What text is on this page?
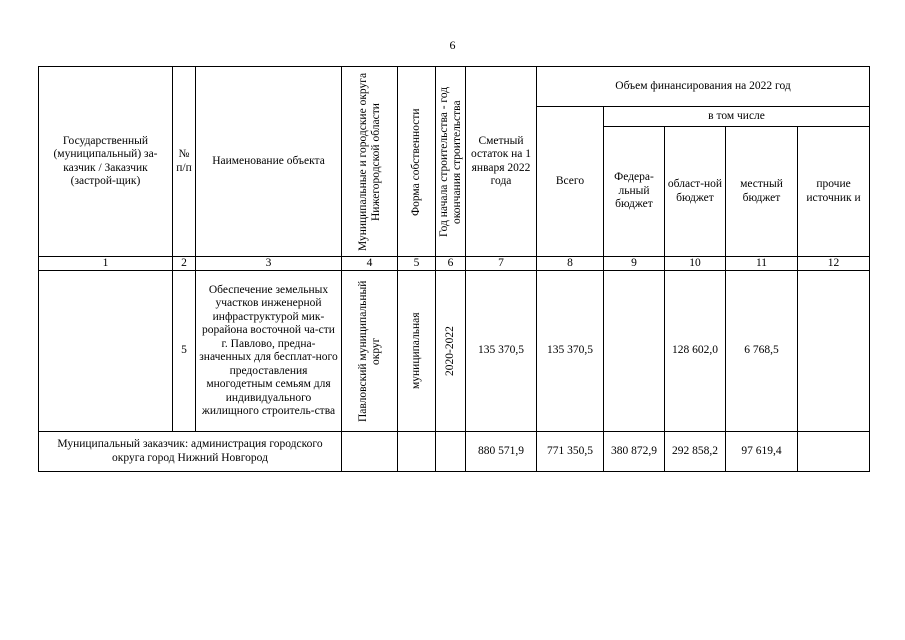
6
Государственный (муниципальный) за-казчик / Заказчик (застрой-щик)	№ п/п	Наименование объекта	Муниципальные и городские округа Нижегородской области	Форма собственности	Год начала строительства - год окончания строительства	Сметный остаток на 1 января 2022 года	Объем финансирования на 2022 год				
							Всего	в том числе			
								Федера-льный бюджет	област-ной бюджет	местный бюджет	прочие источник и
1	2	3	4	5	6	7	8	9	10	11	12
	5	Обеспечение земельных участков инженерной инфраструктурой мик-рорайона восточной ча-сти г. Павлово, предна-значенных для бесплат-ного предоставления многодетным семьям для индивидуального жилищного строитель-ства	Павловский муниципальный округ	муниципальная	2020-2022	135 370,5	135 370,5		128 602,0	6 768,5	
Муниципальный заказчик: администрация городского округа город Нижний Новгород						880 571,9	771 350,5	380 872,9	292 858,2	97 619,4	
